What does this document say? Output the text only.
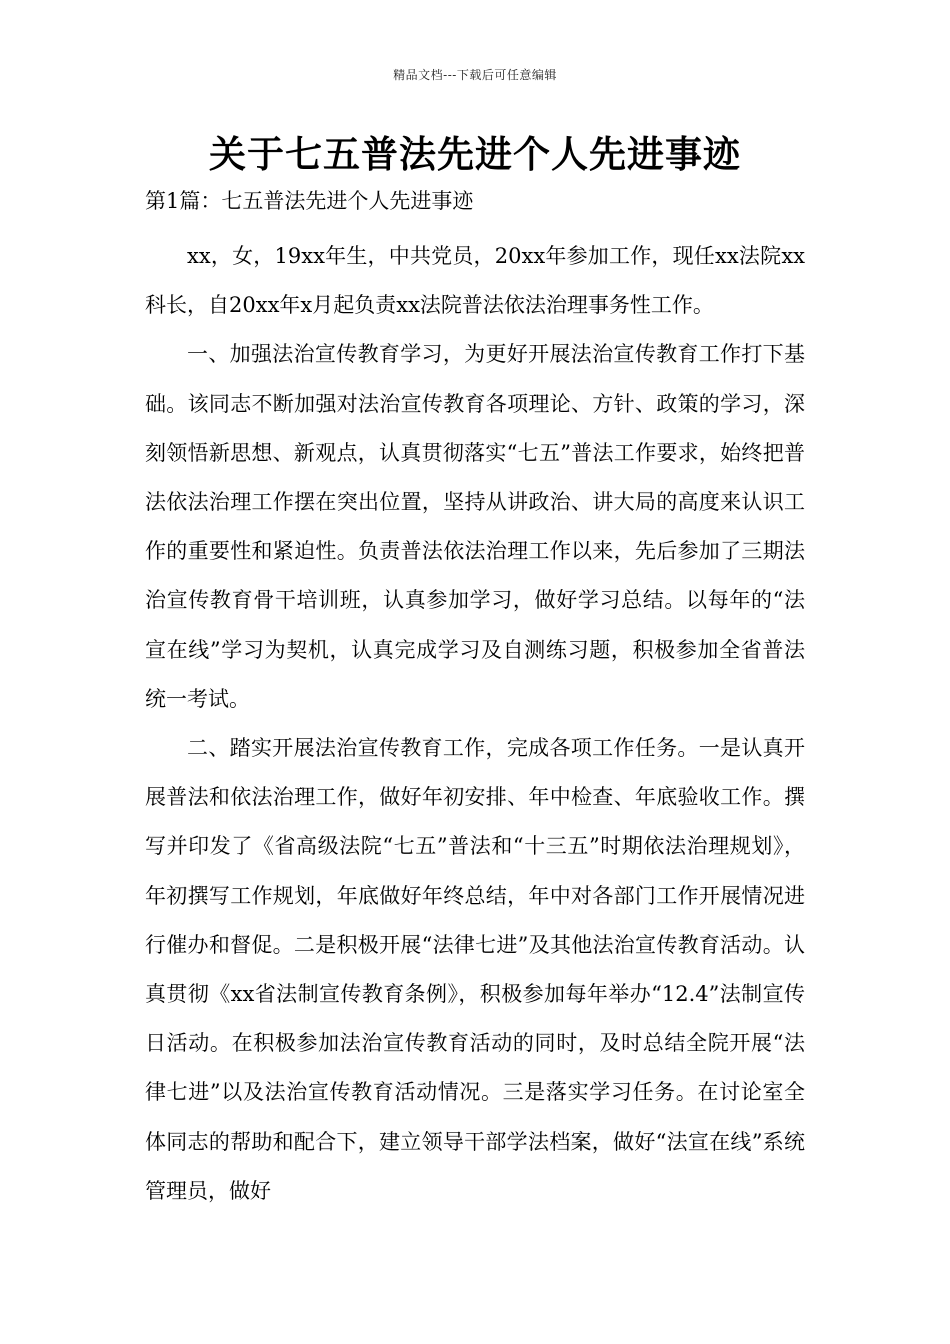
精品文档---下载后可任意编辑
关于七五普法先进个人先进事迹
第1篇：七五普法先进个人先进事迹

xx，女，19xx年生，中共党员，20xx年参加工作，现任xx法院xx科长，自20xx年x月起负责xx法院普法依法治理事务性工作。

一、加强法治宣传教育学习，为更好开展法治宣传教育工作打下基础。该同志不断加强对法治宣传教育各项理论、方针、政策的学习，深刻领悟新思想、新观点，认真贯彻落实“七五”普法工作要求，始终把普法依法治理工作摆在突出位置，坚持从讲政治、讲大局的高度来认识工作的重要性和紧迫性。负责普法依法治理工作以来，先后参加了三期法治宣传教育骨干培训班，认真参加学习，做好学习总结。以每年的“法宣在线”学习为契机，认真完成学习及自测练习题，积极参加全省普法统一考试。

二、踏实开展法治宣传教育工作，完成各项工作任务。一是认真开展普法和依法治理工作，做好年初安排、年中检查、年底验收工作。撰写并印发了《省高级法院“七五”普法和“十三五”时期依法治理规划》，年初撰写工作规划，年底做好年终总结，年中对各部门工作开展情况进行催办和督促。二是积极开展“法律七进”及其他法治宣传教育活动。认真贯彻《xx省法制宣传教育条例》，积极参加每年举办“12.4”法制宣传日活动。在积极参加法治宣传教育活动的同时，及时总结全院开展“法律七进”以及法治宣传教育活动情况。三是落实学习任务。在讨论室全体同志的帮助和配合下，建立领导干部学法档案，做好“法宣在线”系统管理员，做好
